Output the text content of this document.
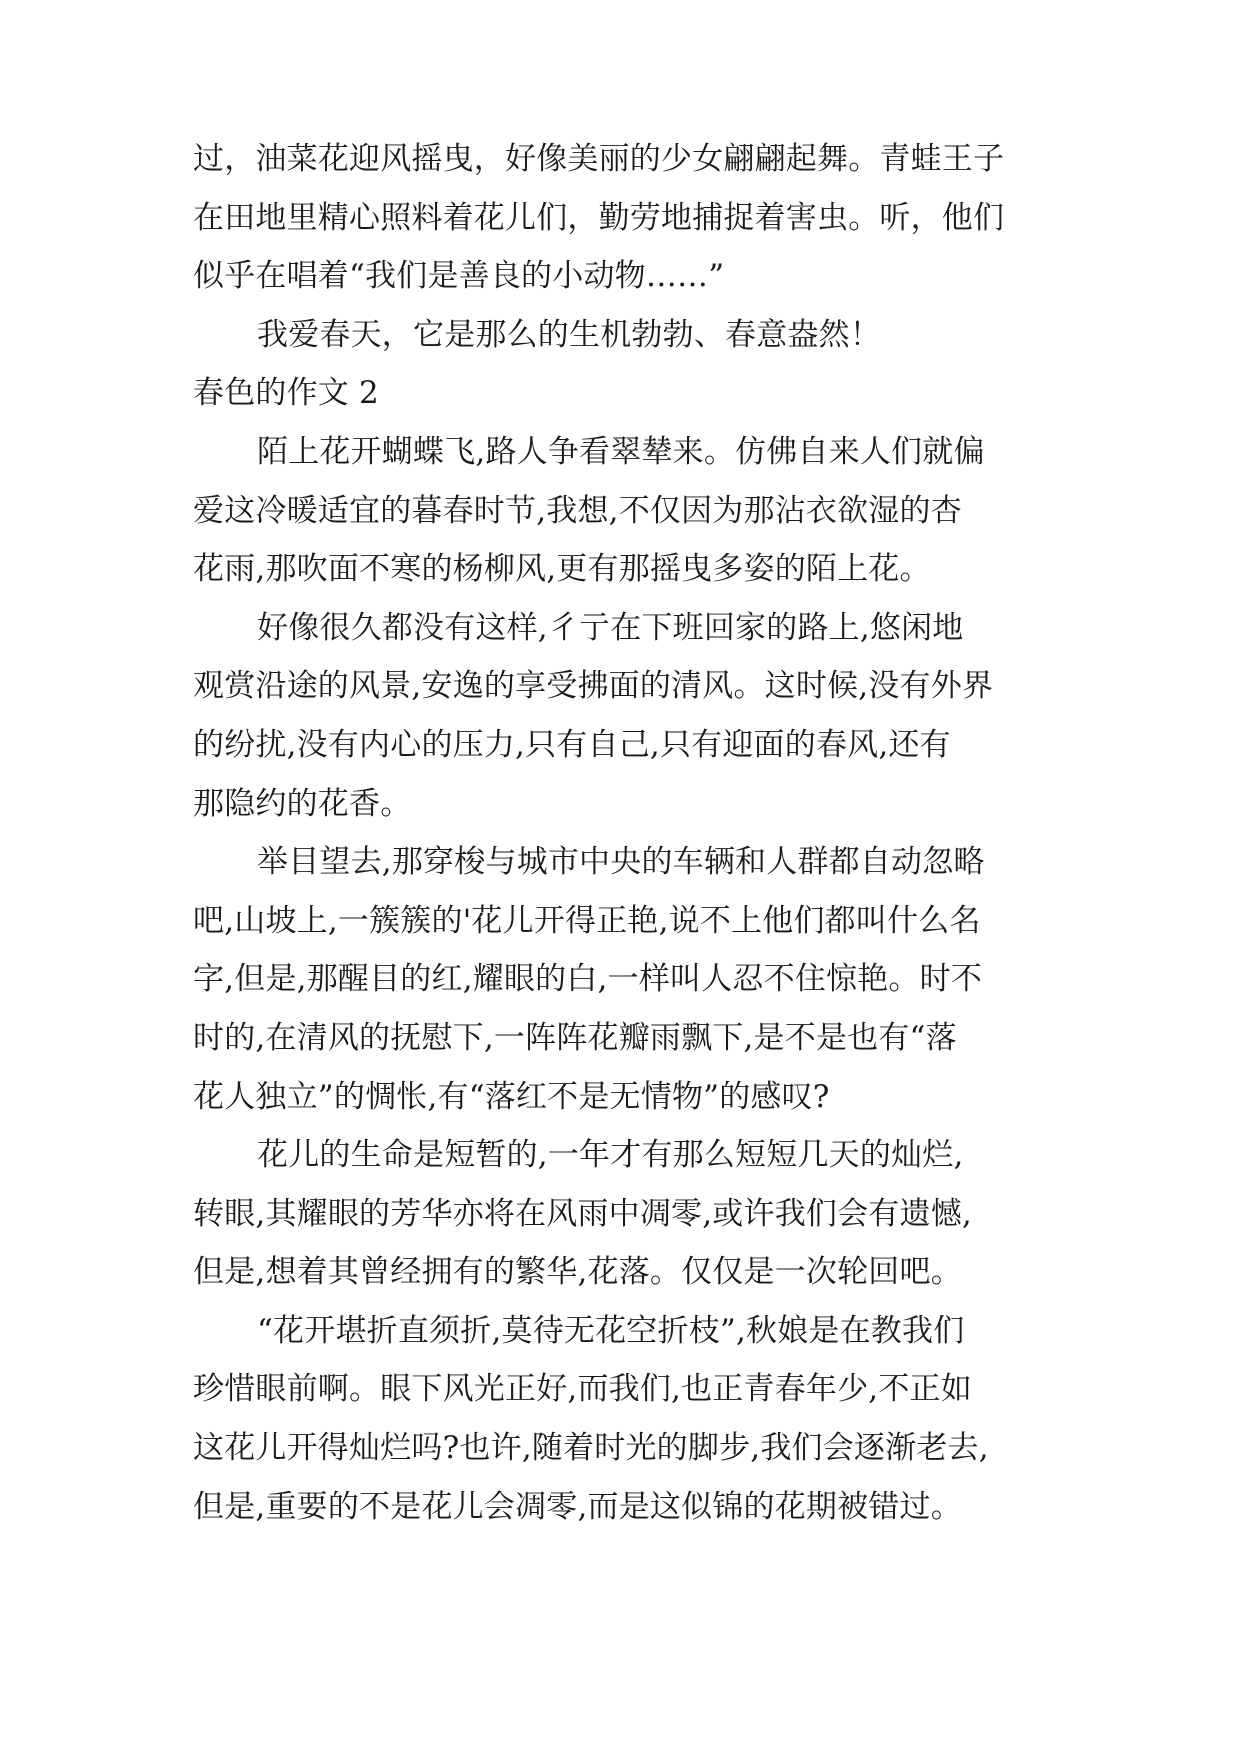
过，油菜花迎风摇曳，好像美丽的少女翩翩起舞。青蛙王子
在田地里精心照料着花儿们，勤劳地捕捉着害虫。听，他们
似乎在唱着“我们是善良的小动物……”
我爱春天，它是那么的生机勃勃、春意盎然！
春色的作文 2
陌上花开蝴蝶飞,路人争看翠辇来。仿佛自来人们就偏
爱这冷暖适宜的暮春时节,我想,不仅因为那沾衣欲湿的杏
花雨,那吹面不寒的杨柳风,更有那摇曳多姿的陌上花。
好像很久都没有这样,彳亍在下班回家的路上,悠闲地
观赏沿途的风景,安逸的享受拂面的清风。这时候,没有外界
的纷扰,没有内心的压力,只有自己,只有迎面的春风,还有
那隐约的花香。
举目望去,那穿梭与城市中央的车辆和人群都自动忽略
吧,山坡上,一簇簇的'花儿开得正艳,说不上他们都叫什么名
字,但是,那醒目的红,耀眼的白,一样叫人忍不住惊艳。时不
时的,在清风的抚慰下,一阵阵花瓣雨飘下,是不是也有“落
花人独立”的惆怅,有“落红不是无情物”的感叹?
花儿的生命是短暂的,一年才有那么短短几天的灿烂,
转眼,其耀眼的芳华亦将在风雨中凋零,或许我们会有遗憾,
但是,想着其曾经拥有的繁华,花落。仅仅是一次轮回吧。
“花开堪折直须折,莫待无花空折枝”,秋娘是在教我们
珍惜眼前啊。眼下风光正好,而我们,也正青春年少,不正如
这花儿开得灿烂吗?也许,随着时光的脚步,我们会逐渐老去,
但是,重要的不是花儿会凋零,而是这似锦的花期被错过。
